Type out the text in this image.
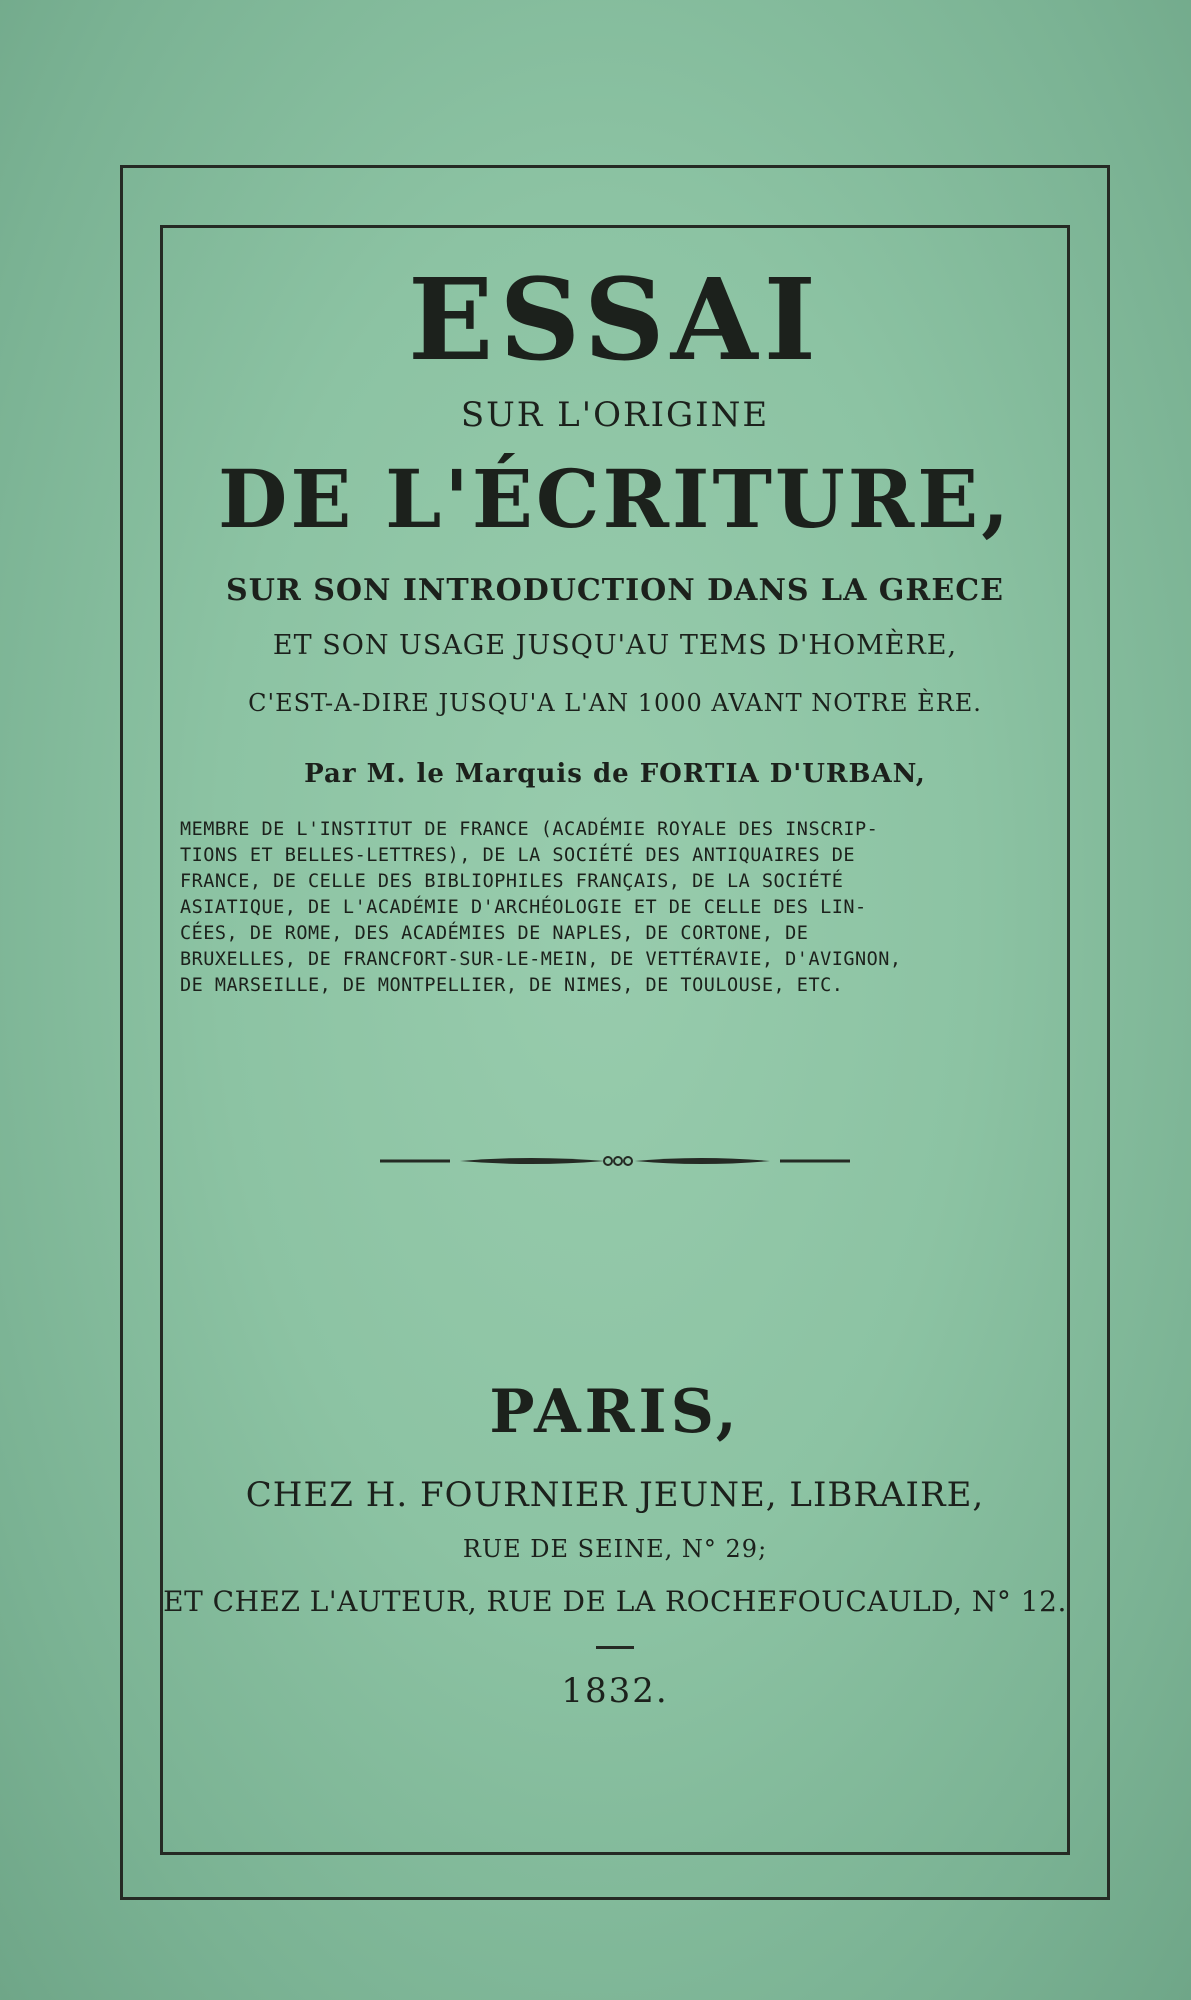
ESSAI
SUR L'ORIGINE
DE L'ÉCRITURE,
SUR SON INTRODUCTION DANS LA GRECE
ET SON USAGE JUSQU'AU TEMS D'HOMÈRE,
C'EST-A-DIRE JUSQU'A L'AN 1000 AVANT NOTRE ÈRE.
Par M. le Marquis de FORTIA D'URBAN,
MEMBRE DE L'INSTITUT DE FRANCE (ACADÉMIE ROYALE DES INSCRIP-
TIONS ET BELLES-LETTRES), DE LA SOCIÉTÉ DES ANTIQUAIRES DE
FRANCE, DE CELLE DES BIBLIOPHILES FRANÇAIS, DE LA SOCIÉTÉ
ASIATIQUE, DE L'ACADÉMIE D'ARCHÉOLOGIE ET DE CELLE DES LIN-
CÉES, DE ROME, DES ACADÉMIES DE NAPLES, DE CORTONE, DE
BRUXELLES, DE FRANCFORT-SUR-LE-MEIN, DE VETTÉRAVIE, D'AVIGNON,
DE MARSEILLE, DE MONTPELLIER, DE NIMES, DE TOULOUSE, ETC.
PARIS,
CHEZ H. FOURNIER JEUNE, LIBRAIRE,
RUE DE SEINE, N° 29;
ET CHEZ L'AUTEUR, RUE DE LA ROCHEFOUCAULD, N° 12.
1832.
